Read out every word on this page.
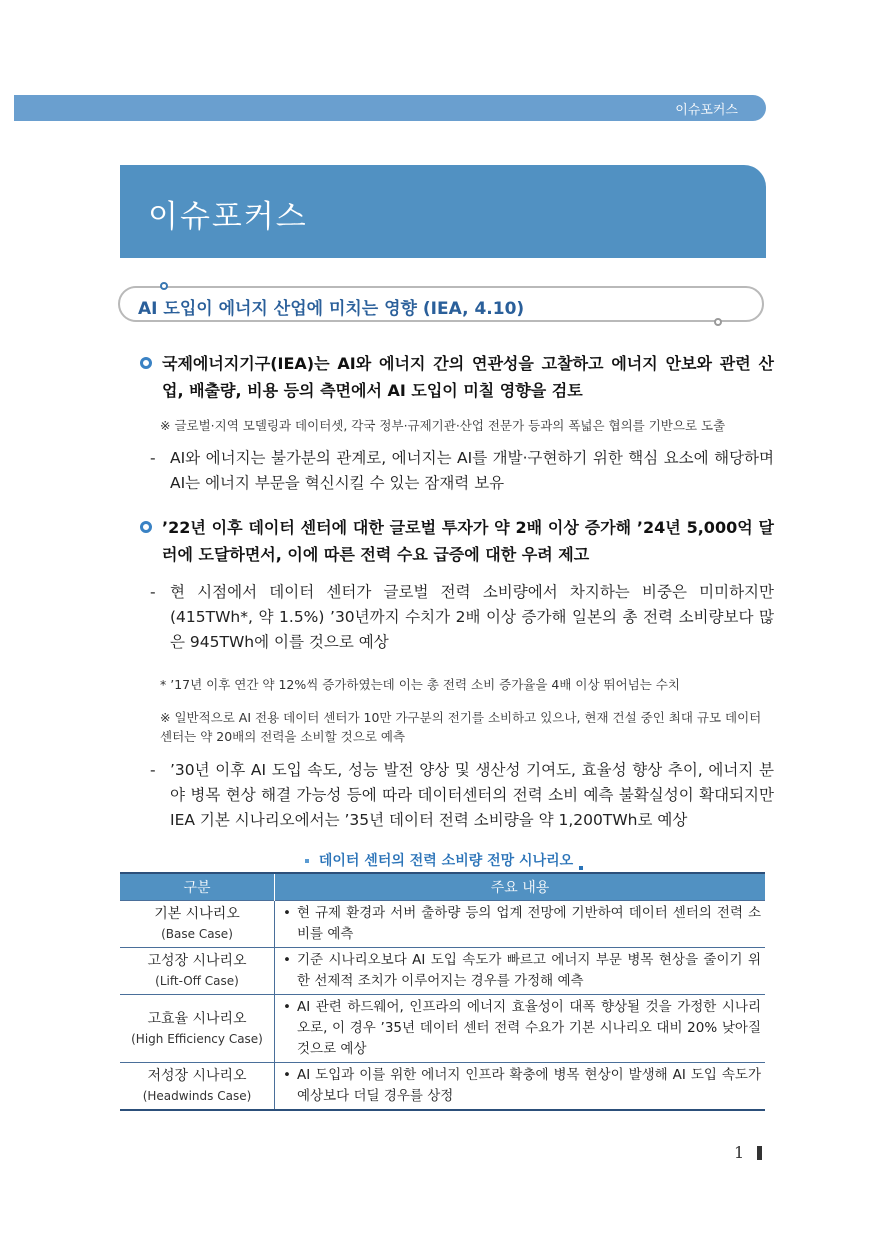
이슈포커스
이슈포커스
AI 도입이 에너지 산업에 미치는 영향 (IEA, 4.10)
국제에너지기구(IEA)는 AI와 에너지 간의 연관성을 고찰하고 에너지 안보와 관련 산업, 배출량, 비용 등의 측면에서 AI 도입이 미칠 영향을 검토
※ 글로벌·지역 모델링과 데이터셋, 각국 정부·규제기관·산업 전문가 등과의 폭넓은 협의를 기반으로 도출
- AI와 에너지는 불가분의 관계로, 에너지는 AI를 개발·구현하기 위한 핵심 요소에 해당하며 AI는 에너지 부문을 혁신시킬 수 있는 잠재력 보유
’22년 이후 데이터 센터에 대한 글로벌 투자가 약 2배 이상 증가해 ’24년 5,000억 달러에 도달하면서, 이에 따른 전력 수요 급증에 대한 우려 제고
- 현 시점에서 데이터 센터가 글로벌 전력 소비량에서 차지하는 비중은 미미하지만(415TWh*, 약 1.5%) ’30년까지 수치가 2배 이상 증가해 일본의 총 전력 소비량보다 많은 945TWh에 이를 것으로 예상
* ’17년 이후 연간 약 12%씩 증가하였는데 이는 총 전력 소비 증가율을 4배 이상 뛰어넘는 수치
※ 일반적으로 AI 전용 데이터 센터가 10만 가구분의 전기를 소비하고 있으나, 현재 건설 중인 최대 규모 데이터 센터는 약 20배의 전력을 소비할 것으로 예측
- ’30년 이후 AI 도입 속도, 성능 발전 양상 및 생산성 기여도, 효율성 향상 추이, 에너지 분야 병목 현상 해결 가능성 등에 따라 데이터센터의 전력 소비 예측 불확실성이 확대되지만 IEA 기본 시나리오에서는 ’35년 데이터 전력 소비량을 약 1,200TWh로 예상
데이터 센터의 전력 소비량 전망 시나리오
구분	주요 내용

기본 시나리오
(Base Case)	• 현 규제 환경과 서버 출하량 등의 업계 전망에 기반하여 데이터 센터의 전력 소비를 예측

고성장 시나리오
(Lift-Off Case)	• 기준 시나리오보다 AI 도입 속도가 빠르고 에너지 부문 병목 현상을 줄이기 위한 선제적 조치가 이루어지는 경우를 가정해 예측

고효율 시나리오
(High Efficiency Case)	• AI 관련 하드웨어, 인프라의 에너지 효율성이 대폭 향상될 것을 가정한 시나리오로, 이 경우 ’35년 데이터 센터 전력 수요가 기본 시나리오 대비 20% 낮아질 것으로 예상

저성장 시나리오
(Headwinds Case)	• AI 도입과 이를 위한 에너지 인프라 확충에 병목 현상이 발생해 AI 도입 속도가 예상보다 더딜 경우를 상정
1
